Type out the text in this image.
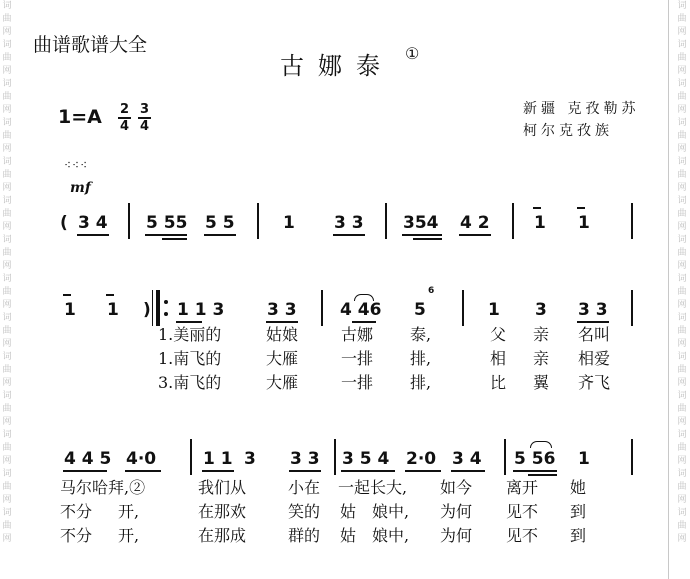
词
曲
网
词
曲
网
词
曲
网
词
曲
网
词
曲
网
词
曲
网
词
曲
网
词
曲
网
词
曲
网
词
曲
网
词
曲
网
词
曲
网
词
曲
网
词
曲
网
词
曲
网
词
曲
网
词
曲
网
词
曲
网
词
曲
网
词
曲
网
词
曲
网
词
曲
网
词
曲
网
词
曲
网
词
曲
网
词
曲
网
词
曲
网
词
曲
网
曲谱歌谱大全
古娜泰 ①
1=A 2
4
3
4
新疆 克孜勒苏
柯尔克孜族
⁖⁖⁖
mf
( 3 4 5 55 5 5	1 3 3 354 4 2	1 1
1 1 ) 1 1 3	3 3	4 46 5
6
1 3 3 3
1.美丽的	姑娘	古娜 泰,	父 亲 名叫
1.南飞的	大雁	一排 排,	相 亲 相爱
3.南飞的	大雁	一排 排,	比 翼 齐飞
4 4 5 4·0	1 1 3 3 3 3 5 4 2·0 3 4 5 56 1
马尔哈拜,②	我们从	小在 一起长大, 如今 离开 她
不分 开,	在那欢	笑的 姑 娘中, 为何 见不 到
不分 开,	在那成	群的 姑 娘中, 为何 见不 到
